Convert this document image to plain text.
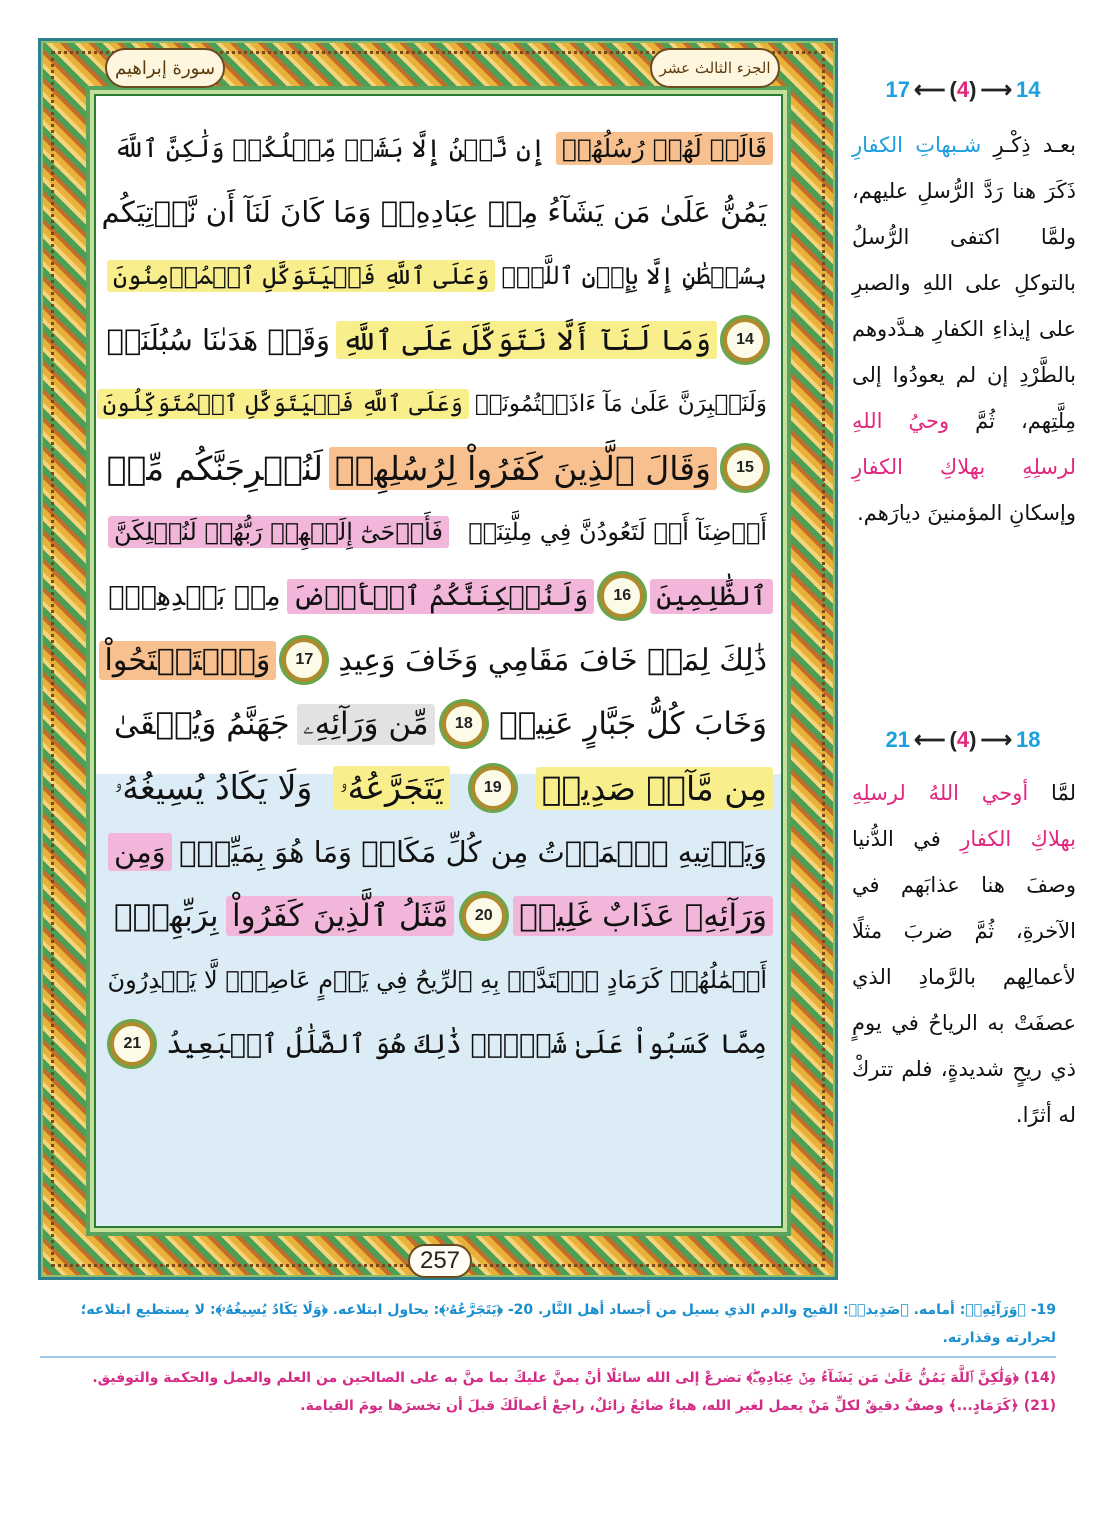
قَالَتۡ لَهُمۡ رُسُلُهُمۡ
إِن نَّحۡنُ إِلَّا بَشَرٞ مِّثۡلُكُمۡ وَلَٰكِنَّ ٱللَّهَ
يَمُنُّ عَلَىٰ مَن يَشَآءُ مِنۡ عِبَادِهِۦۖ وَمَا كَانَ لَنَآ أَن نَّأۡتِيَكُم
بِسُلۡطَٰنٍ إِلَّا بِإِذۡنِ ٱللَّهِۚ
وَعَلَى ٱللَّهِ فَلۡيَتَوَكَّلِ ٱلۡمُؤۡمِنُونَ
14
وَمَا لَنَآ أَلَّا نَتَوَكَّلَ عَلَى ٱللَّهِ
وَقَدۡ هَدَىٰنَا سُبُلَنَاۚ
وَلَنَصۡبِرَنَّ عَلَىٰ مَآ ءَاذَيۡتُمُونَاۚ
وَعَلَى ٱللَّهِ فَلۡيَتَوَكَّلِ ٱلۡمُتَوَكِّلُونَ
15
وَقَالَ ٱلَّذِينَ كَفَرُواْ لِرُسُلِهِمۡ
لَنُخۡرِجَنَّكُم مِّنۡ
أَرۡضِنَآ أَوۡ لَتَعُودُنَّ فِي مِلَّتِنَاۖ
فَأَوۡحَىٰٓ إِلَيۡهِمۡ رَبُّهُمۡ لَنُهۡلِكَنَّ
ٱلظَّٰلِمِينَ
16
وَلَنُسۡكِنَنَّكُمُ ٱلۡأَرۡضَ
مِنۢ بَعۡدِهِمۡۚ
ذَٰلِكَ لِمَنۡ خَافَ مَقَامِي وَخَافَ وَعِيدِ
17
وَٱسۡتَفۡتَحُواْ
وَخَابَ كُلُّ جَبَّارٍ عَنِيدٖ
18
مِّن وَرَآئِهِۦ
جَهَنَّمُ وَيُسۡقَىٰ
مِن مَّآءٖ صَدِيدٖ
19
يَتَجَرَّعُهُۥ
وَلَا يَكَادُ يُسِيغُهُۥ
وَيَأۡتِيهِ ٱلۡمَوۡتُ مِن كُلِّ مَكَانٖ وَمَا هُوَ بِمَيِّتٖۖ
وَمِن
وَرَآئِهِۦ عَذَابٌ غَلِيظٞ
20
مَّثَلُ ٱلَّذِينَ كَفَرُواْ
بِرَبِّهِمۡۖ
أَعۡمَٰلُهُمۡ كَرَمَادٍ ٱشۡتَدَّتۡ بِهِ ٱلرِّيحُ فِي يَوۡمٍ عَاصِفٖۖ لَّا يَقۡدِرُونَ
مِمَّا كَسَبُواْ عَلَىٰ شَيۡءٖۚ ذَٰلِكَ هُوَ ٱلضَّلَٰلُ ٱلۡبَعِيدُ
21
سورة إبراهيم	الجزء الثالث عشر
257
17 ⟵ (4) ⟶ 14
بعـد ذِكْـرِ شـبهاتِ الكفارِ ذَكَرَ هنا رَدَّ الرُّسلِ عليهم، ولمَّا اكتفى الرُّسلُ بالتوكلِ على اللهِ والصبرِ على إيذاءِ الكفارِ هـدَّدوهم بالطَّرْدِ إن لم يعودُوا إلى مِلَّتِهم، ثُمَّ وحيُ اللهِ لرسلِهِ بهلاكِ الكفارِ وإسكانِ المؤمنينَ ديارَهم.
21 ⟵ (4) ⟶ 18
لمَّا أوحي اللهُ لرسلِهِ بهلاكِ الكفارِ في الدُّنيا وصفَ هنا عذابَهم في الآخرةِ، ثُمَّ ضربَ مثلًا لأعمالِهم بالرَّمادِ الذي عصفَتْ به الرياحُ في يومٍ ذي ريحٍ شديدةٍ، فلم تتركْ له أثرًا.

19- ﴿وَرَآئِهِۦ﴾: أمامه. ﴿صَدِيدٖ﴾: القيح والدم الذي يسيل من أجساد أهل النَّار. 20- ﴿يَتَجَرَّعُهُۥ﴾: يحاول ابتلاعه. ﴿وَلَا يَكَادُ يُسِيغُهُۥ﴾: لا يستطيع ابتلاعه؛ لحرارته وقذارته.

(14) ﴿وَلَٰكِنَّ ٱللَّهَ يَمُنُّ عَلَىٰ مَن يَشَآءُ مِنۡ عِبَادِهِۦۖ﴾ تضرعْ إلى الله سائلًا أنْ يمنَّ عليكَ بما منَّ به على الصالحين من العلم والعمل والحكمة والتوفيق.

(21) ﴿كَرَمَادٍ...﴾ وصفٌ دقيقٌ لكلِّ مَنْ يعمل لغير الله، هباءٌ ضائعٌ زائلٌ، راجعْ أعمالَكَ قبلَ أن تخسرَها يومَ القيامة.
